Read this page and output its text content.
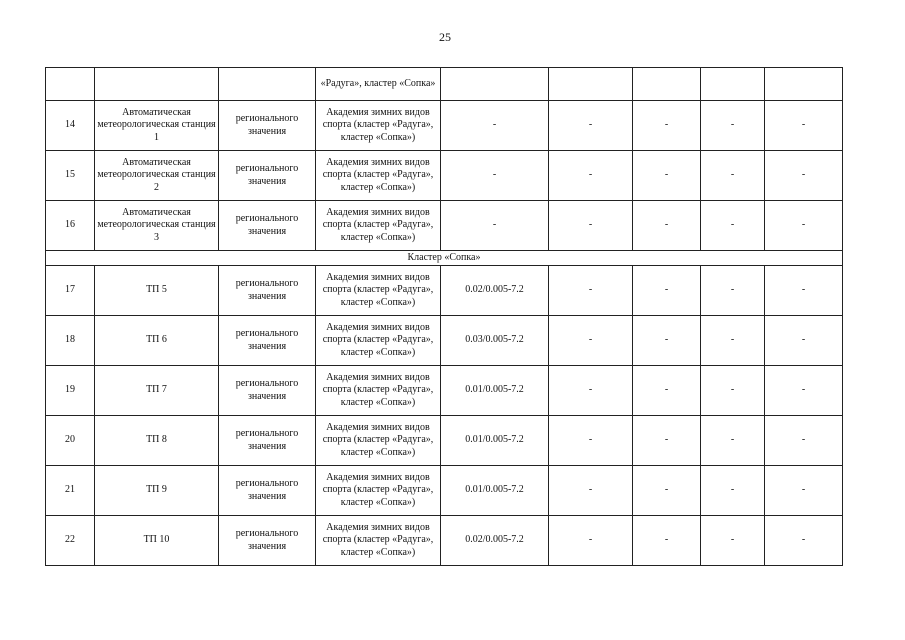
25
			«Радуга», кластер «Сопка»					
14	Автоматическая метеорологическая станция 1	регионального значения	Академия зимних видов спорта (кластер «Радуга», кластер «Сопка»)	-	-	-	-	-
15	Автоматическая метеорологическая станция 2	регионального значения	Академия зимних видов спорта (кластер «Радуга», кластер «Сопка»)	-	-	-	-	-
16	Автоматическая метеорологическая станция 3	регионального значения	Академия зимних видов спорта (кластер «Радуга», кластер «Сопка»)	-	-	-	-	-
Кластер «Сопка»								
17	ТП 5	регионального значения	Академия зимних видов спорта (кластер «Радуга», кластер «Сопка»)	0.02/0.005-7.2	-	-	-	-
18	ТП 6	регионального значения	Академия зимних видов спорта (кластер «Радуга», кластер «Сопка»)	0.03/0.005-7.2	-	-	-	-
19	ТП 7	регионального значения	Академия зимних видов спорта (кластер «Радуга», кластер «Сопка»)	0.01/0.005-7.2	-	-	-	-
20	ТП 8	регионального значения	Академия зимних видов спорта (кластер «Радуга», кластер «Сопка»)	0.01/0.005-7.2	-	-	-	-
21	ТП 9	регионального значения	Академия зимних видов спорта (кластер «Радуга», кластер «Сопка»)	0.01/0.005-7.2	-	-	-	-
22	ТП 10	регионального значения	Академия зимних видов спорта (кластер «Радуга», кластер «Сопка»)	0.02/0.005-7.2	-	-	-	-
